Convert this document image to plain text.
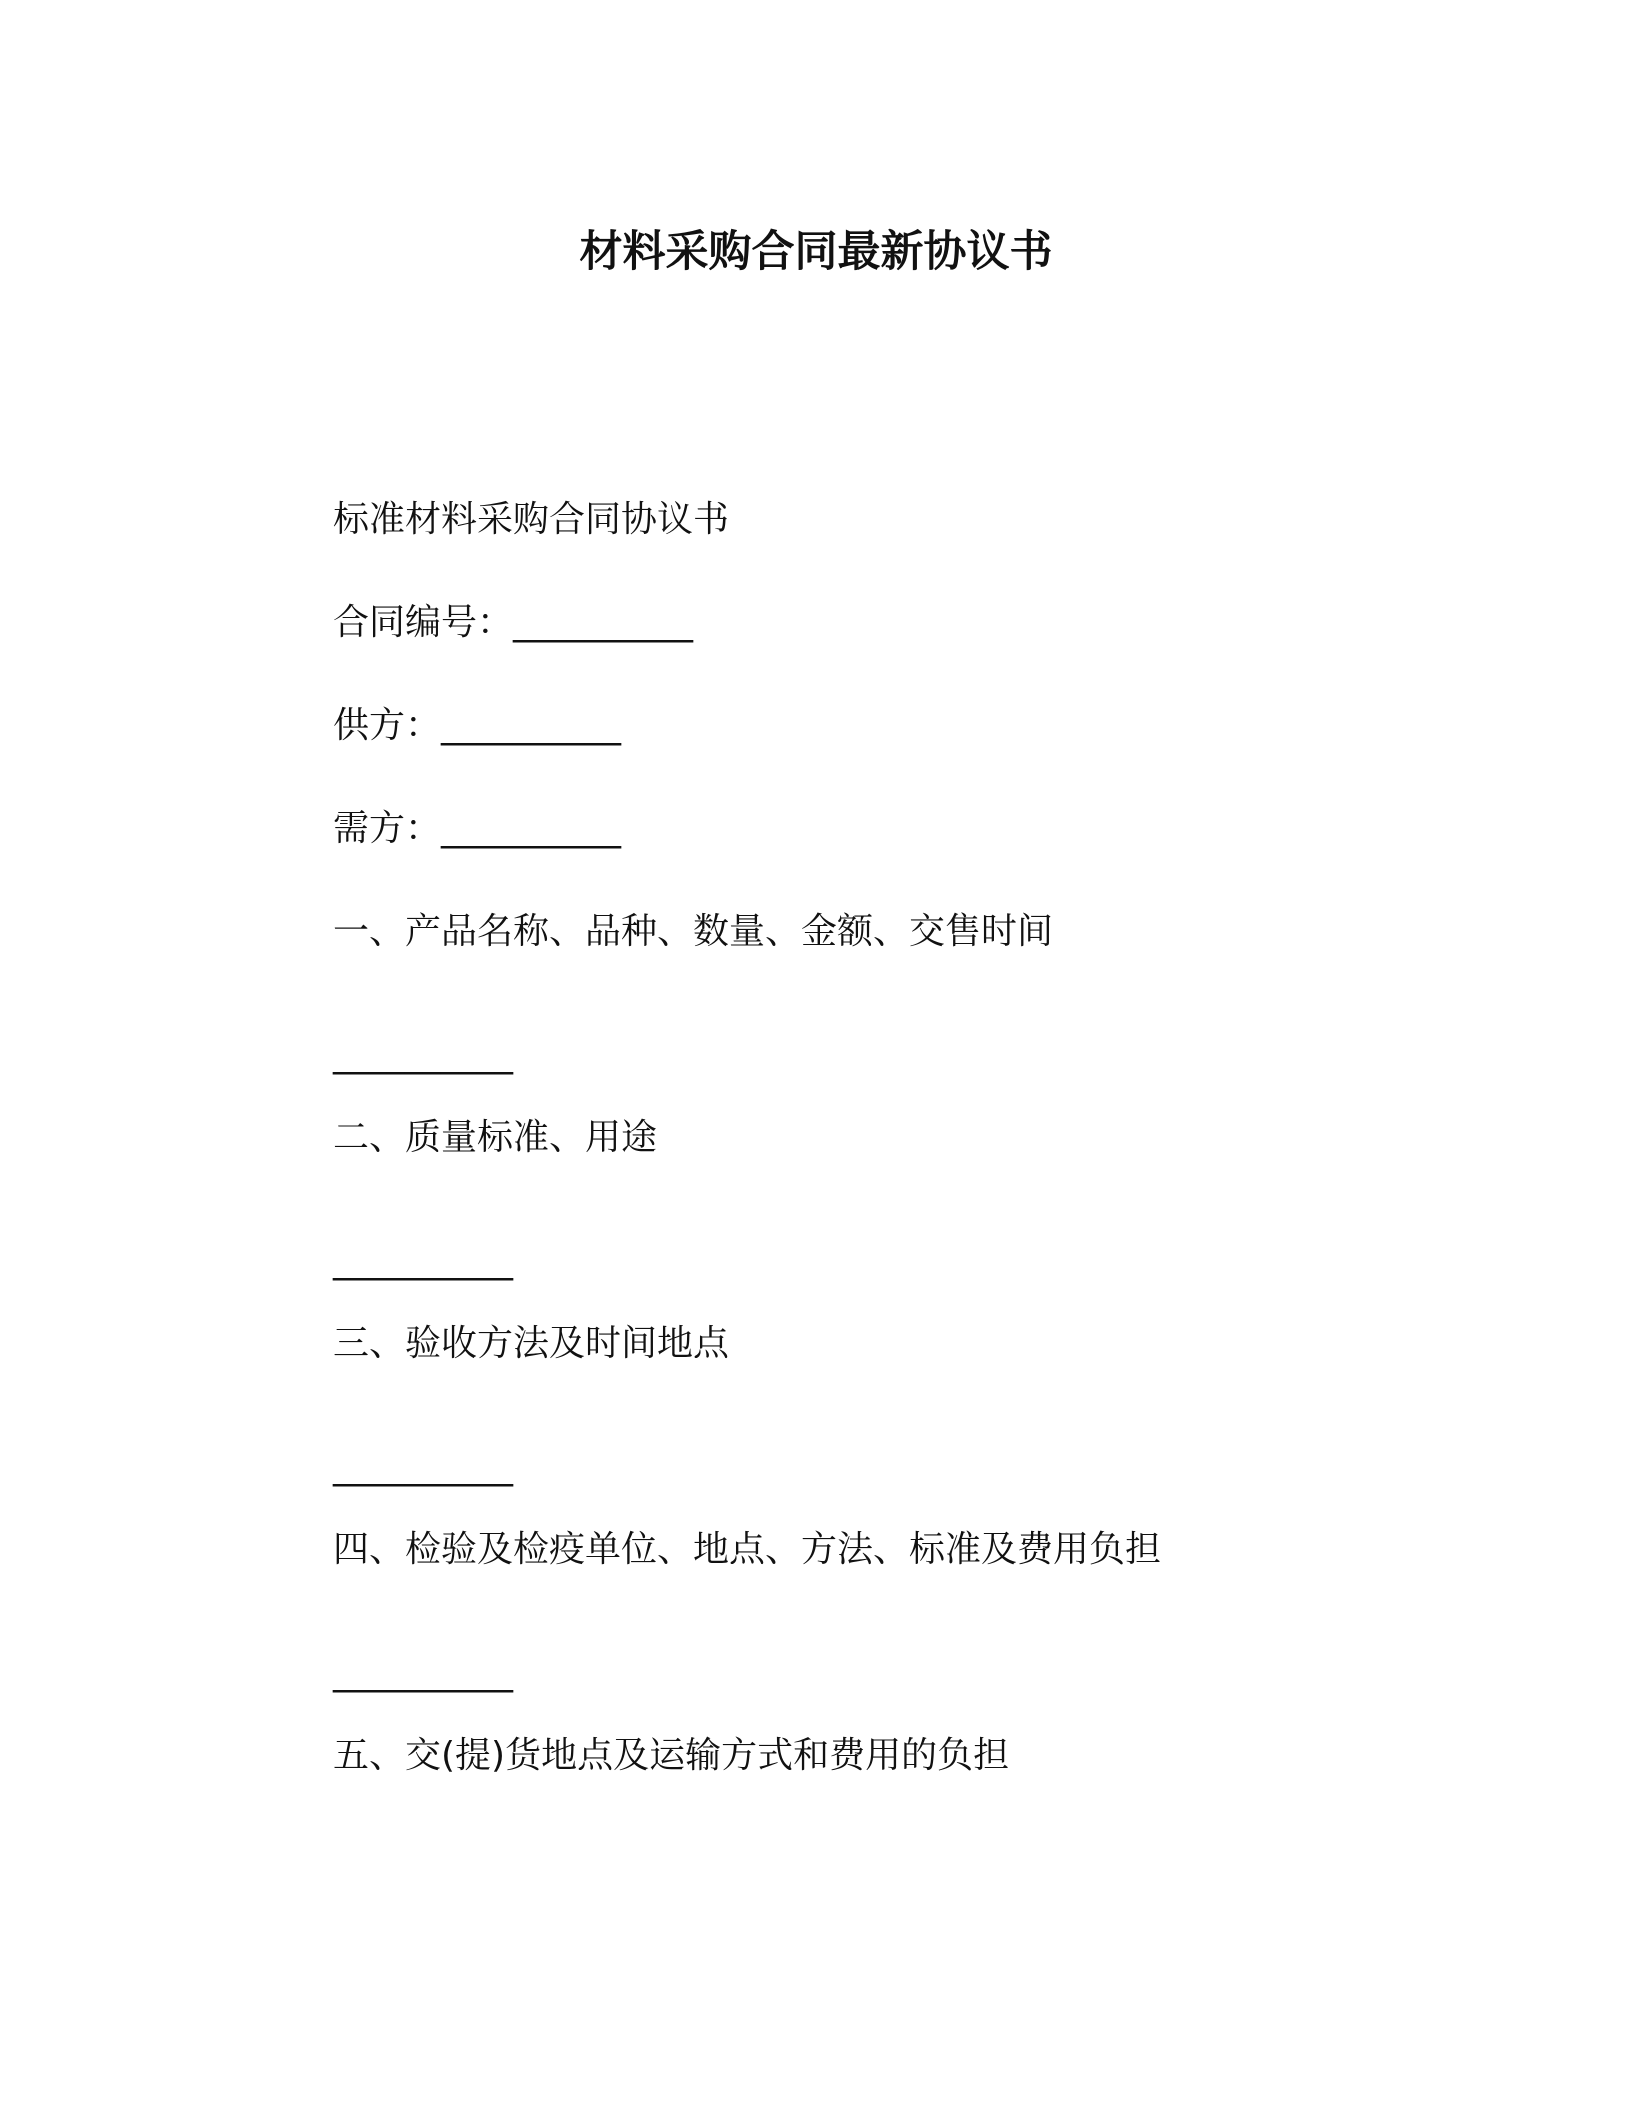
材料采购合同最新协议书
标准材料采购合同协议书
合同编号：__________
供方：__________
需方：__________
一、产品名称、品种、数量、金额、交售时间
__________
二、质量标准、用途
__________
三、验收方法及时间地点
__________
四、检验及检疫单位、地点、方法、标准及费用负担
__________
五、交(提)货地点及运输方式和费用的负担
